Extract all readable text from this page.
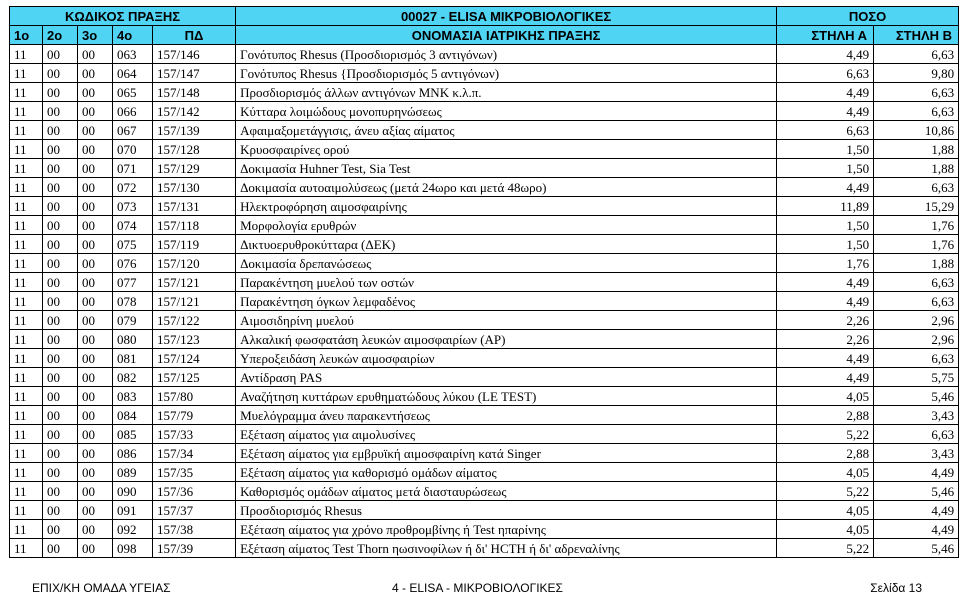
ΚΩΔΙΚΟΣ ΠΡΑΞΗΣ					00027 - ELISA ΜΙΚΡΟΒΙΟΛΟΓΙΚΕΣ	ΠΟΣΟ	
1ο	2ο	3ο	4ο	ΠΔ	ΟΝΟΜΑΣΙΑ ΙΑΤΡΙΚΗΣ ΠΡΑΞΗΣ	ΣΤΗΛΗ Α	ΣΤΗΛΗ Β
11	00	00	063	157/146	Γονότυπος Rhesus (Προσδιορισμός 3 αντιγόνων)	4,49	6,63
11	00	00	064	157/147	Γονότυπος Rhesus {Προσδιορισμός 5 αντιγόνων)	6,63	9,80
11	00	00	065	157/148	Προσδιορισμός άλλων αντιγόνων ΜΝΚ κ.λ.π.	4,49	6,63
11	00	00	066	157/142	Κύτταρα λοιμώδους μονοπυρηνώσεως	4,49	6,63
11	00	00	067	157/139	Αφαιμαξομετάγγισις, άνευ αξίας αίματος	6,63	10,86
11	00	00	070	157/128	Κρυοσφαιρίνες ορού	1,50	1,88
11	00	00	071	157/129	Δοκιμασία Huhner Test, Sia Test	1,50	1,88
11	00	00	072	157/130	Δοκιμασία αυτοαιμολύσεως (μετά 24ωρο και μετά 48ωρο)	4,49	6,63
11	00	00	073	157/131	Ηλεκτροφόρηση αιμοσφαιρίνης	11,89	15,29
11	00	00	074	157/118	Μορφολογία ερυθρών	1,50	1,76
11	00	00	075	157/119	Δικτυοερυθροκύτταρα (ΔΕΚ)	1,50	1,76
11	00	00	076	157/120	Δοκιμασία δρεπανώσεως	1,76	1,88
11	00	00	077	157/121	Παρακέντηση μυελού των οστών	4,49	6,63
11	00	00	078	157/121	Παρακέντηση όγκων λεμφαδένος	4,49	6,63
11	00	00	079	157/122	Αιμοσιδηρίνη μυελού	2,26	2,96
11	00	00	080	157/123	Αλκαλική φωσφατάση λευκών αιμοσφαιρίων (ΑΡ)	2,26	2,96
11	00	00	081	157/124	Υπεροξειδάση λευκών αιμοσφαιρίων	4,49	6,63
11	00	00	082	157/125	Αντίδραση PAS	4,49	5,75
11	00	00	083	157/80	Αναζήτηση κυττάρων ερυθηματώδους λύκου (LE TEST)	4,05	5,46
11	00	00	084	157/79	Μυελόγραμμα άνευ παρακεντήσεως	2,88	3,43
11	00	00	085	157/33	Εξέταση αίματος για αιμολυσίνες	5,22	6,63
11	00	00	086	157/34	Εξέταση αίματος για εμβρυϊκή αιμοσφαιρίνη κατά Singer	2,88	3,43
11	00	00	089	157/35	Εξέταση αίματος για καθορισμό ομάδων αίματος	4,05	4,49
11	00	00	090	157/36	Καθορισμός ομάδων αίματος μετά διασταυρώσεως	5,22	5,46
11	00	00	091	157/37	Προσδιορισμός Rhesus	4,05	4,49
11	00	00	092	157/38	Εξέταση αίματος για χρόνο προθρομβίνης ή Test ηπαρίνης	4,05	4,49
11	00	00	098	157/39	Εξέταση αίματος Test Thorn ηωσινοφίλων ή δι' ΗCTH ή δι' αδρεναλίνης	5,22	5,46
ΕΠΙΧ/ΚΗ ΟΜΑΔΑ ΥΓΕΙΑΣ	4 - ELISA - ΜΙΚΡΟΒΙΟΛΟΓΙΚΕΣ	Σελίδα 13
